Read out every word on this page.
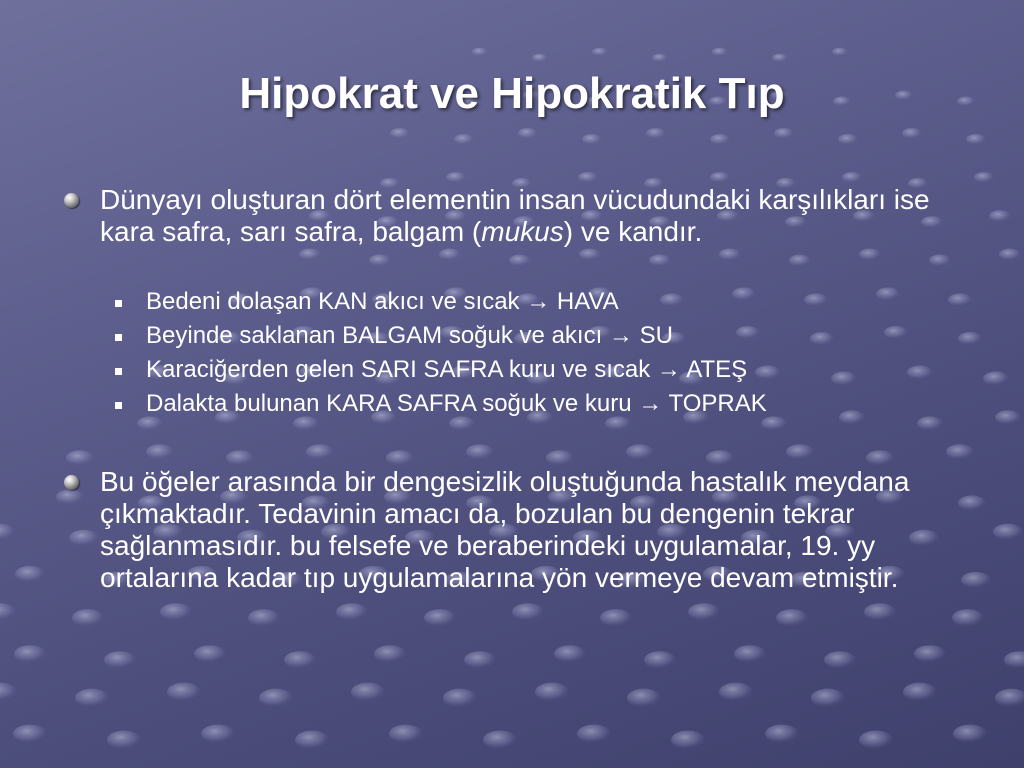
Hipokrat ve Hipokratik Tıp
Dünyayı oluşturan dört elementin insan vücudundaki karşılıkları ise kara safra, sarı safra, balgam (mukus) ve kandır.
Bedeni dolaşan KAN akıcı ve sıcak → HAVA
Beyinde saklanan BALGAM soğuk ve akıcı → SU
Karaciğerden gelen SARI SAFRA kuru ve sıcak → ATEŞ
Dalakta bulunan KARA SAFRA soğuk ve kuru → TOPRAK
Bu öğeler arasında bir dengesizlik oluştuğunda hastalık meydana çıkmaktadır. Tedavinin amacı da, bozulan bu dengenin tekrar sağlanmasıdır. bu felsefe ve beraberindeki uygulamalar, 19. yy ortalarına kadar tıp uygulamalarına yön vermeye devam etmiştir.
